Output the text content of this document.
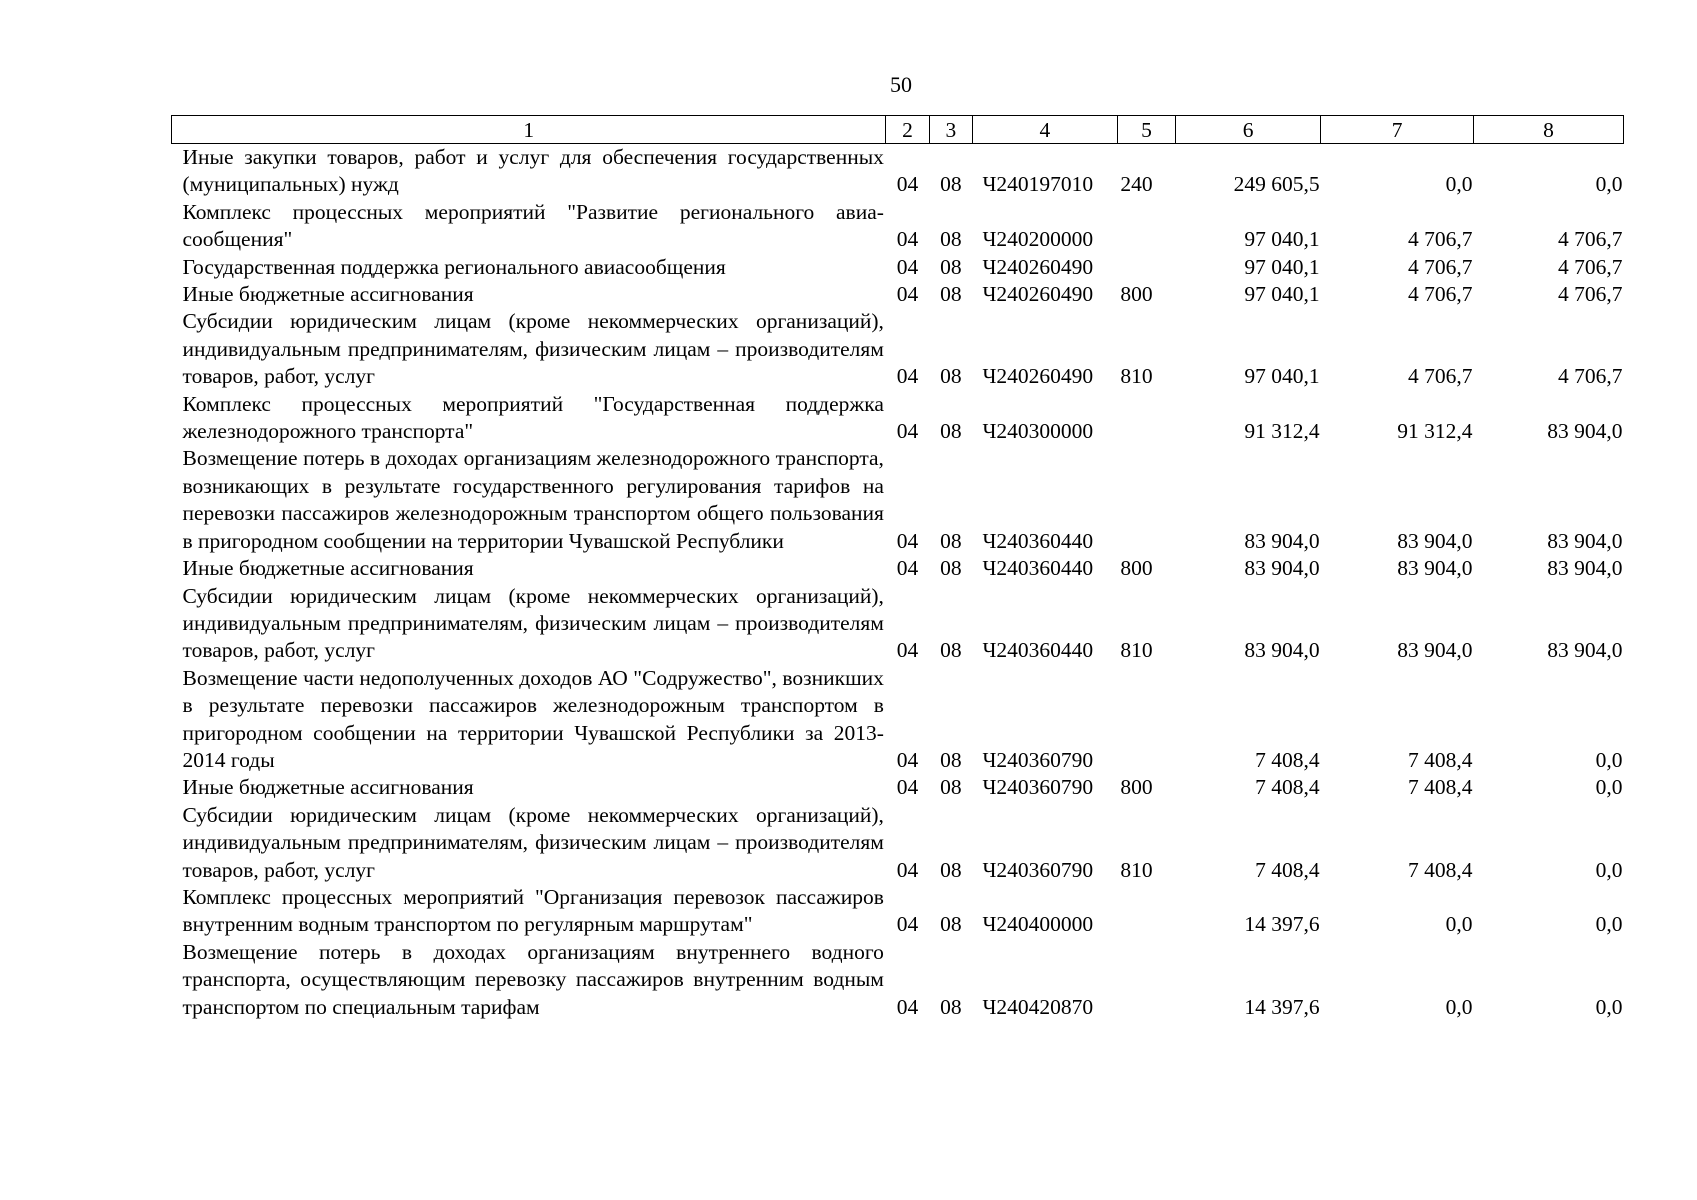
50
1	2	3	4	5	6	7	8
Иные закупки товаров, работ и услуг для обеспечения государственных (муниципальных) нужд	04	08	Ч240197010	240	249 605,5	0,0	0,0
Комплекс процессных мероприятий "Развитие регионального авиасообщения"	04	08	Ч240200000		97 040,1	4 706,7	4 706,7
Государственная поддержка регионального авиасообщения	04	08	Ч240260490		97 040,1	4 706,7	4 706,7
Иные бюджетные ассигнования	04	08	Ч240260490	800	97 040,1	4 706,7	4 706,7
Субсидии юридическим лицам (кроме некоммерческих организаций), индивидуальным предпринимателям, физическим лицам – производителям товаров, работ, услуг	04	08	Ч240260490	810	97 040,1	4 706,7	4 706,7
Комплекс процессных мероприятий "Государственная поддержка железнодорожного транспорта"	04	08	Ч240300000		91 312,4	91 312,4	83 904,0
Возмещение потерь в доходах организациям железнодорожного транспорта, возникающих в результате государственного регулирования тарифов на перевозки пассажиров железнодорожным транспортом общего пользования в пригородном сообщении на территории Чувашской Республики	04	08	Ч240360440		83 904,0	83 904,0	83 904,0
Иные бюджетные ассигнования	04	08	Ч240360440	800	83 904,0	83 904,0	83 904,0
Субсидии юридическим лицам (кроме некоммерческих организаций), индивидуальным предпринимателям, физическим лицам – производителям товаров, работ, услуг	04	08	Ч240360440	810	83 904,0	83 904,0	83 904,0
Возмещение части недополученных доходов АО "Содружество", возникших в результате перевозки пассажиров железнодорожным транспортом в пригородном сообщении на территории Чувашской Республики за 2013-2014 годы	04	08	Ч240360790		7 408,4	7 408,4	0,0
Иные бюджетные ассигнования	04	08	Ч240360790	800	7 408,4	7 408,4	0,0
Субсидии юридическим лицам (кроме некоммерческих организаций), индивидуальным предпринимателям, физическим лицам – производителям товаров, работ, услуг	04	08	Ч240360790	810	7 408,4	7 408,4	0,0
Комплекс процессных мероприятий "Организация перевозок пассажиров внутренним водным транспортом по регулярным маршрутам"	04	08	Ч240400000		14 397,6	0,0	0,0
Возмещение потерь в доходах организациям внутреннего водного транспорта, осуществляющим перевозку пассажиров внутренним водным транспортом по специальным тарифам	04	08	Ч240420870		14 397,6	0,0	0,0
